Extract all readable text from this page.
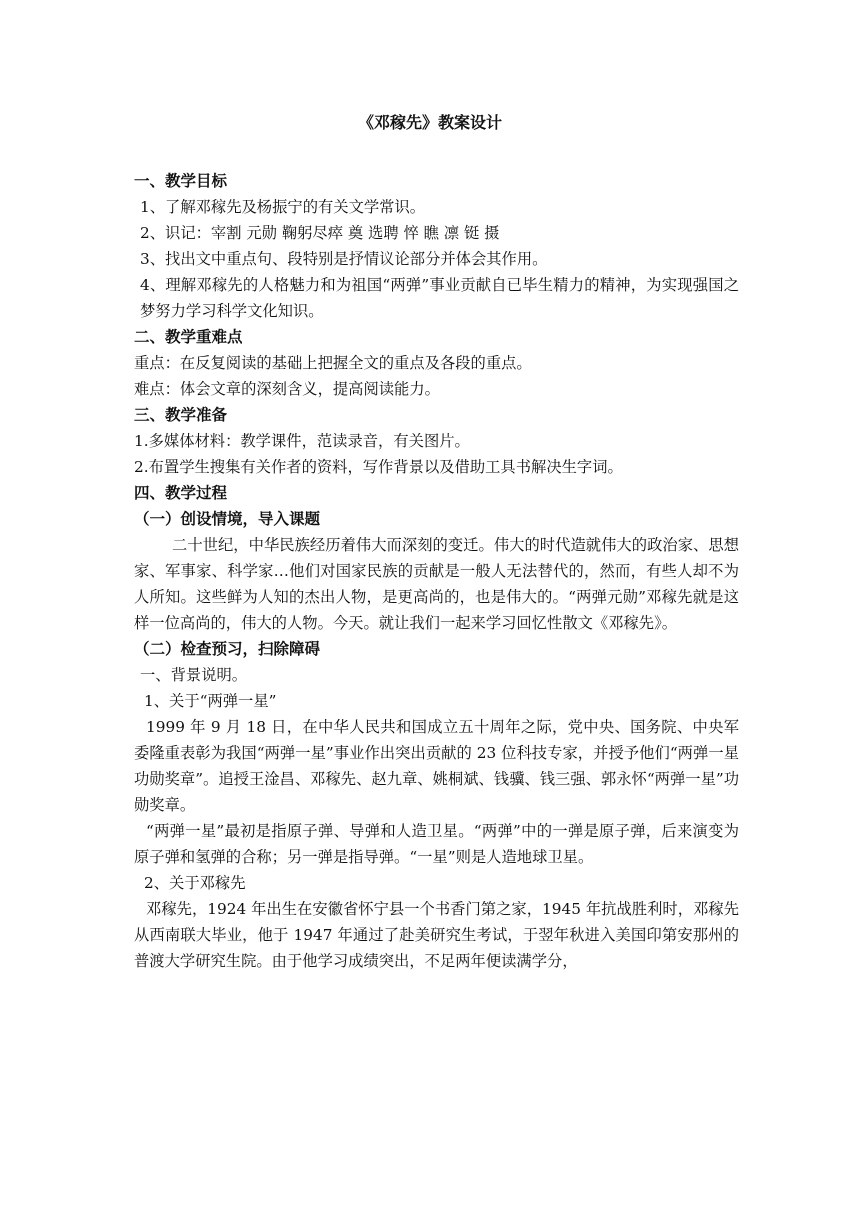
《邓稼先》教案设计

一、教学目标

1、了解邓稼先及杨振宁的有关文学常识。

2、识记：宰割 元勋 鞠躬尽瘁 奠 选聘 悴 瞧 凛 铤 摄

3、找出文中重点句、段特别是抒情议论部分并体会其作用。

4、理解邓稼先的人格魅力和为祖国“两弹”事业贡献自已毕生精力的精神，为实现强国之梦努力学习科学文化知识。

二、教学重难点

重点：在反复阅读的基础上把握全文的重点及各段的重点。

难点：体会文章的深刻含义，提高阅读能力。

三、教学准备

1.多媒体材料：教学课件，范读录音，有关图片。

2.布置学生搜集有关作者的资料，写作背景以及借助工具书解决生字词。

四、教学过程

（一）创设情境，导入课题

二十世纪，中华民族经历着伟大而深刻的变迁。伟大的时代造就伟大的政治家、思想家、军事家、科学家…他们对国家民族的贡献是一般人无法替代的，然而，有些人却不为人所知。这些鲜为人知的杰出人物，是更高尚的，也是伟大的。“两弹元勋”邓稼先就是这样一位高尚的，伟大的人物。今天。就让我们一起来学习回忆性散文《邓稼先》。

（二）检查预习，扫除障碍

一、背景说明。

1、关于“两弹一星”

1999 年 9 月 18 日，在中华人民共和国成立五十周年之际，党中央、国务院、中央军委隆重表彰为我国“两弹一星”事业作出突出贡献的 23 位科技专家，并授予他们“两弹一星功勋奖章”。追授王淦昌、邓稼先、赵九章、姚桐斌、钱骥、钱三强、郭永怀“两弹一星”功勋奖章。

“两弹一星”最初是指原子弹、导弹和人造卫星。“两弹”中的一弹是原子弹，后来演变为原子弹和氢弹的合称；另一弹是指导弹。“一星”则是人造地球卫星。

2、关于邓稼先

邓稼先，1924 年出生在安徽省怀宁县一个书香门第之家，1945 年抗战胜利时，邓稼先从西南联大毕业，他于 1947 年通过了赴美研究生考试，于翌年秋进入美国印第安那州的普渡大学研究生院。由于他学习成绩突出，不足两年便读满学分，
